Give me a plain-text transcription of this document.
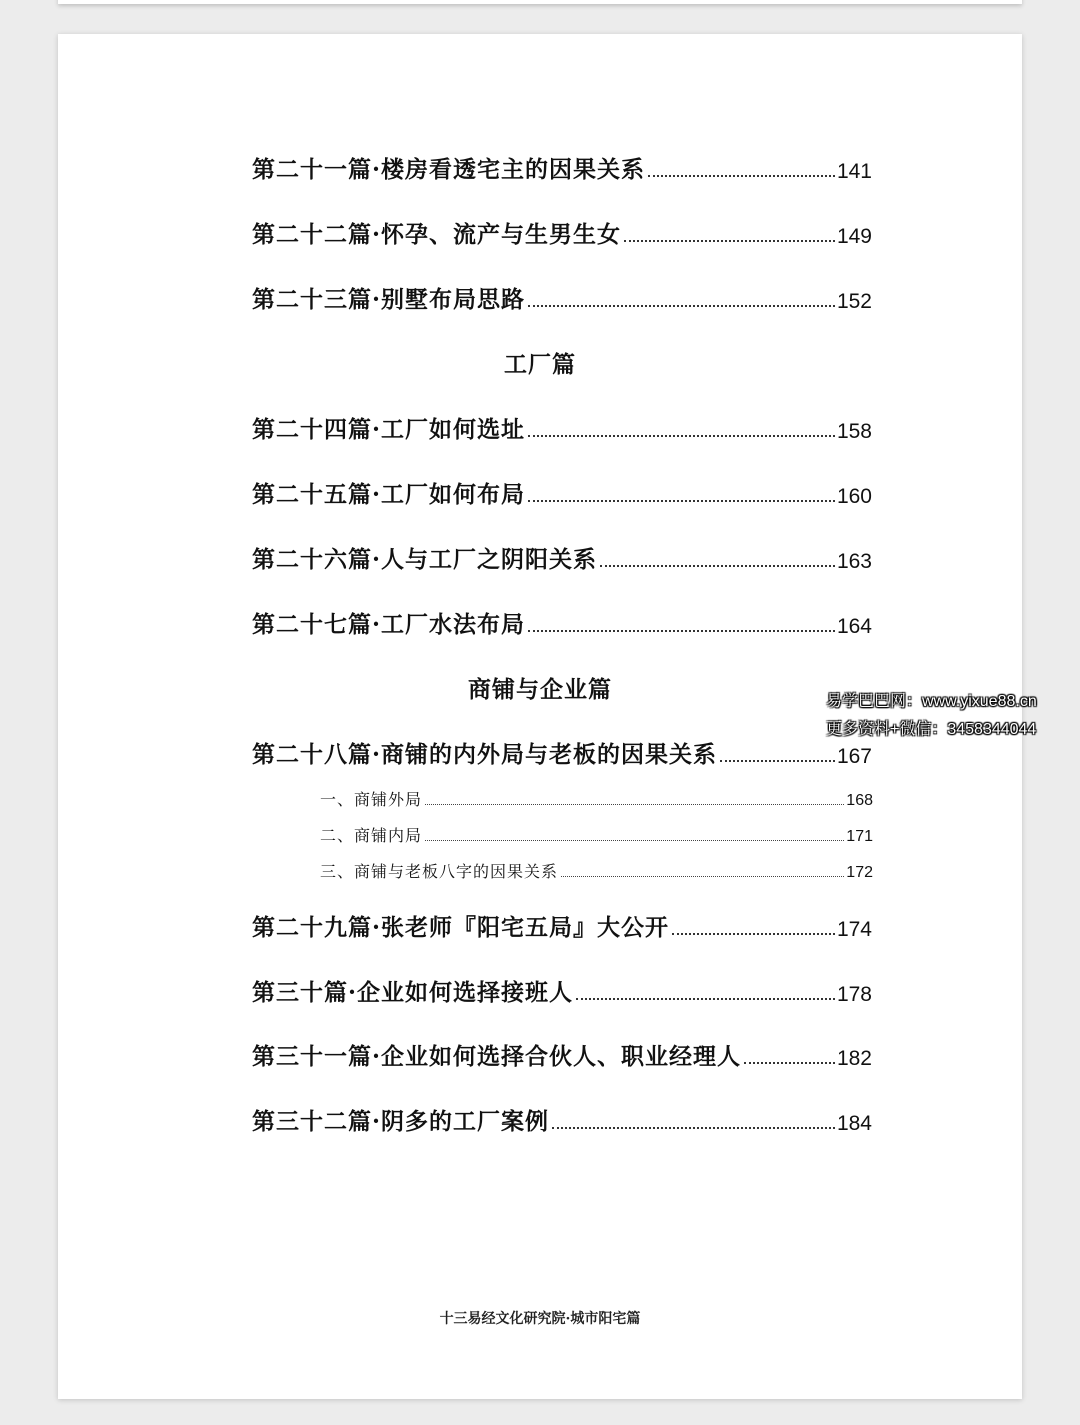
第二十一篇·楼房看透宅主的因果关系	141
第二十二篇·怀孕、流产与生男生女	149
第二十三篇·别墅布局思路	152
工厂篇
第二十四篇·工厂如何选址	158
第二十五篇·工厂如何布局	160
第二十六篇·人与工厂之阴阳关系	163
第二十七篇·工厂水法布局	164
商铺与企业篇
第二十八篇·商铺的内外局与老板的因果关系	167
一、商铺外局	168
二、商铺内局	171
三、商铺与老板八字的因果关系	172
第二十九篇·张老师『阳宅五局』大公开	174
第三十篇·企业如何选择接班人	178
第三十一篇·企业如何选择合伙人、职业经理人	182
第三十二篇·阴多的工厂案例	184
十三易经文化研究院·城市阳宅篇
易学巴巴网：www.yixue88.cn
更多资料+微信：3458344044
